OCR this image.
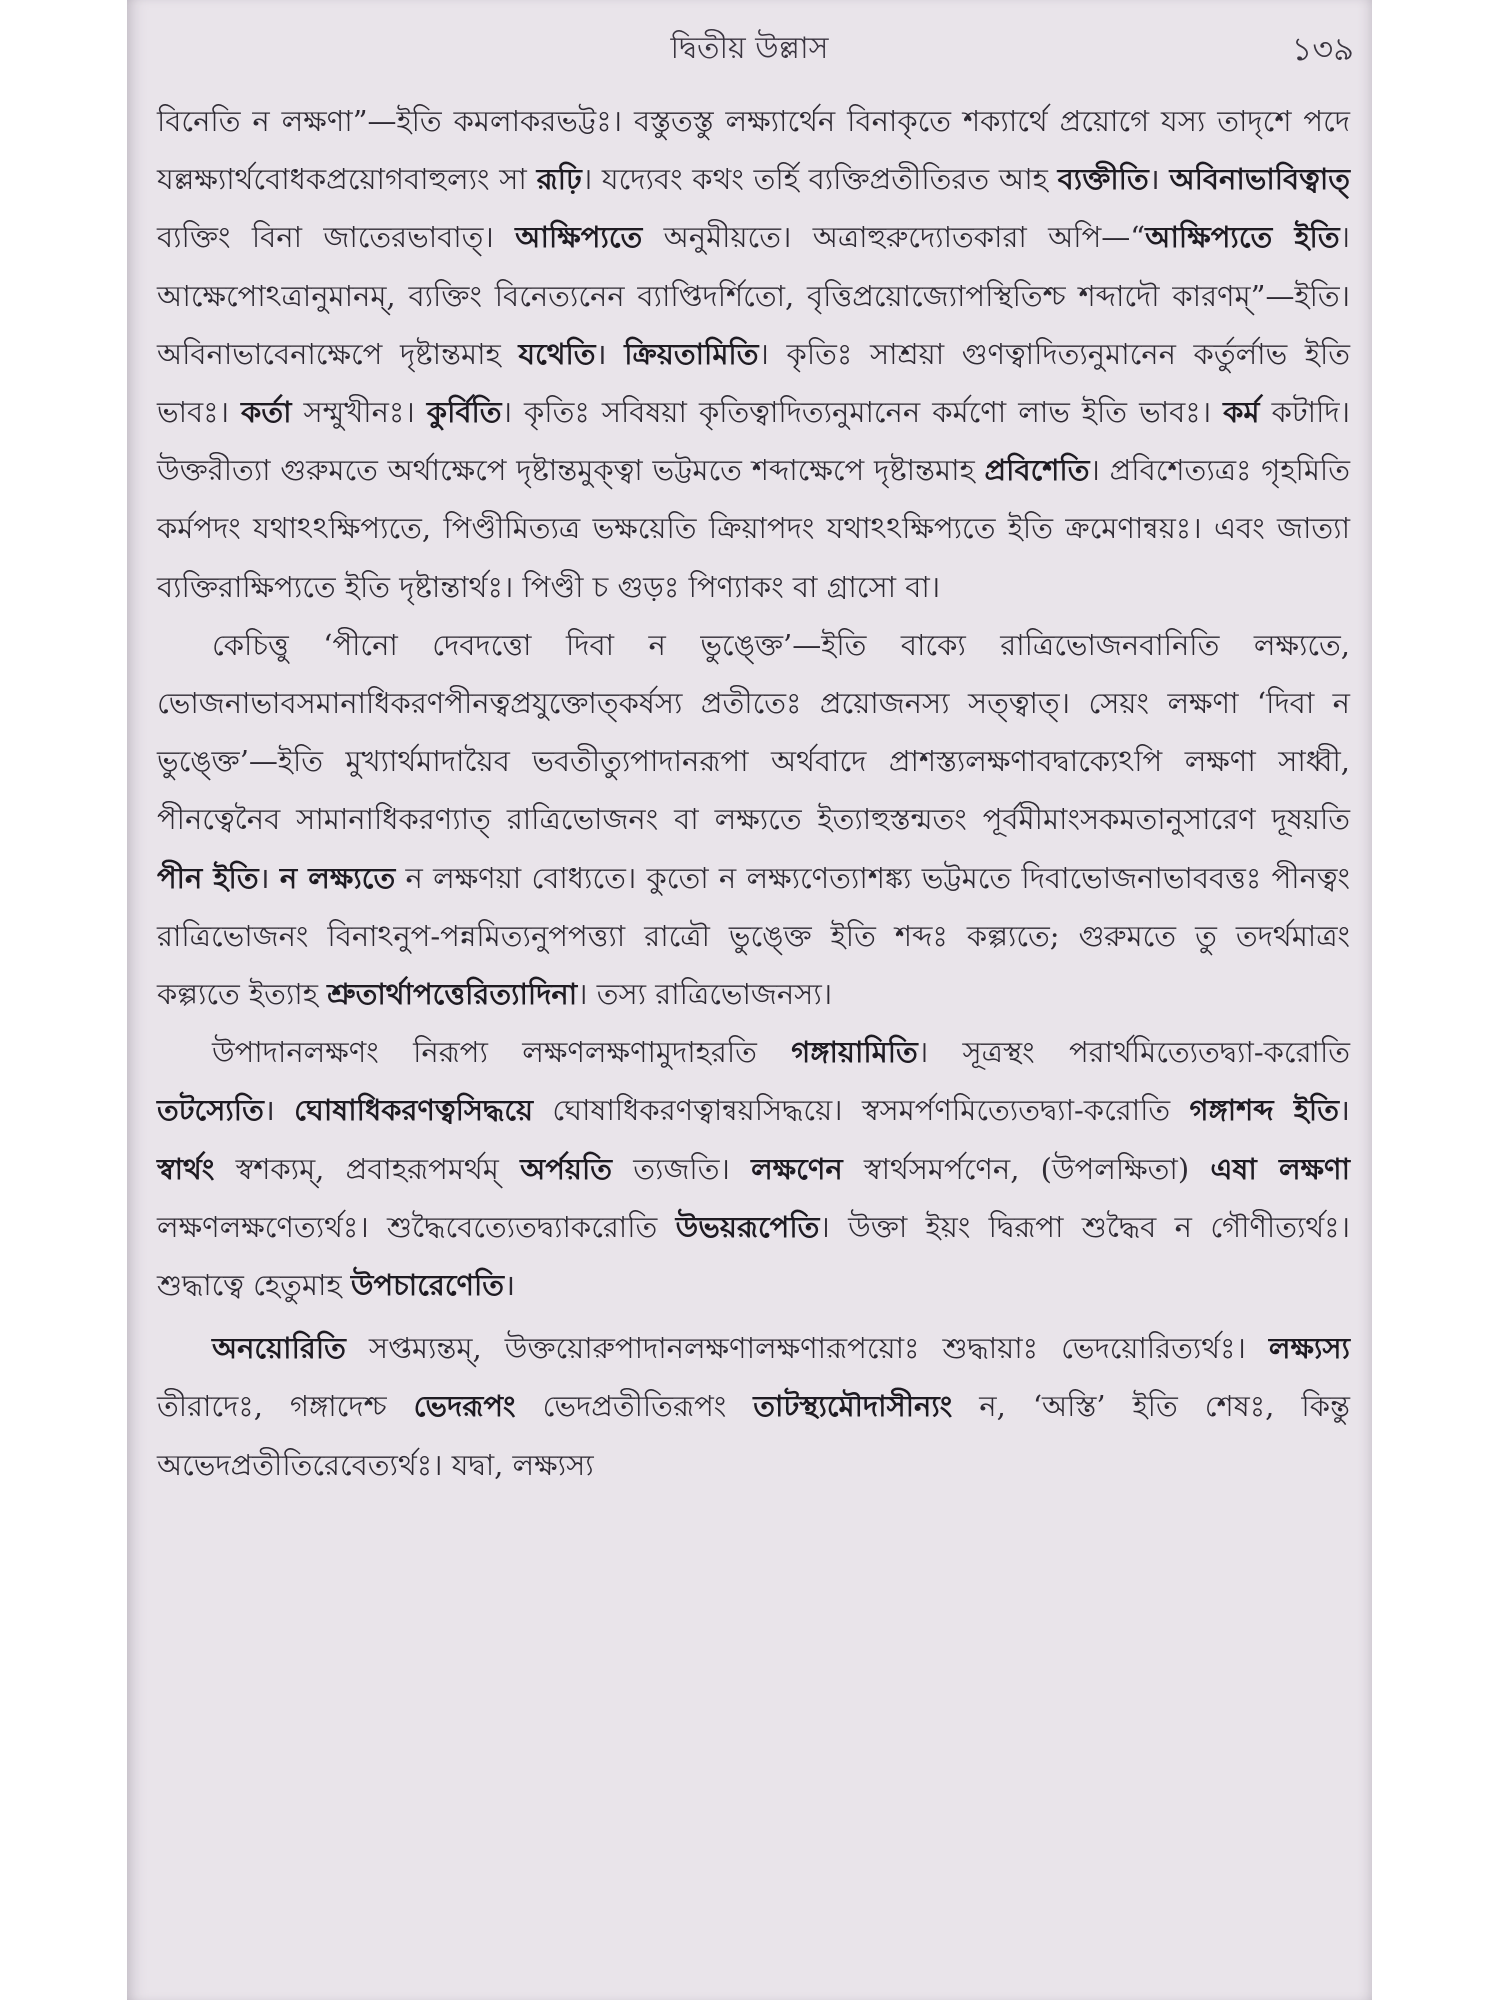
দ্বিতীয় উল্লাস	১৩৯

বিনেতি ন লক্ষণা”—ইতি কমলাকরভট্টঃ। বস্তুতস্তু লক্ষ্যার্থেন বিনাকৃতে শক্যার্থে প্রয়োগে যস্য তাদৃশে পদে যল্লক্ষ্যার্থবোধকপ্রয়োগবাহুল্যং সা রূঢ়ি। যদ্যেবং কথং তর্হি ব্যক্তিপ্রতীতিরত আহ ব্যক্তীতি। অবিনাভাবিত্বাত্ ব্যক্তিং বিনা জাতেরভাবাত্। আক্ষিপ্যতে অনুমীয়তে। অত্রাহুরুদ্যোতকারা অপি—“আক্ষিপ্যতে ইতি। আক্ষেপোঽত্রানুমানম্, ব্যক্তিং বিনেত্যনেন ব্যাপ্তিদর্শিতো, বৃত্তিপ্রয়োজ্যোপস্থিতিশ্চ শব্দাদৌ কারণম্”—ইতি। অবিনাভাবেনাক্ষেপে দৃষ্টান্তমাহ যথেতি। ক্রিয়তামিতি। কৃতিঃ সাশ্রয়া গুণত্বাদিত্যনুমানেন কর্তুর্লাভ ইতি ভাবঃ। কর্তা সম্মুখীনঃ। কুর্বিতি। কৃতিঃ সবিষয়া কৃতিত্বাদিত্যনুমানেন কর্মণো লাভ ইতি ভাবঃ। কর্ম কটাদি। উক্তরীত্যা গুরুমতে অর্থাক্ষেপে দৃষ্টান্তমুক্ত্বা ভট্টমতে শব্দাক্ষেপে দৃষ্টান্তমাহ প্রবিশেতি। প্রবিশেত্যত্রঃ গৃহমিতি কর্মপদং যথাঽঽক্ষিপ্যতে, পিণ্ডীমিত্যত্র ভক্ষয়েতি ক্রিয়াপদং যথাঽঽক্ষিপ্যতে ইতি ক্রমেণান্বয়ঃ। এবং জাত্যা ব্যক্তিরাক্ষিপ্যতে ইতি দৃষ্টান্তার্থঃ। পিণ্ডী চ গুড়ঃ পিণ্যাকং বা গ্রাসো বা।

কেচিত্তু ‘পীনো দেবদত্তো দিবা ন ভুঙ্ক্তে’—ইতি বাক্যে রাত্রিভোজনবানিতি লক্ষ্যতে, ভোজনাভাবসমানাধিকরণপীনত্বপ্রযুক্তোত্কর্ষস্য প্রতীতেঃ প্রয়োজনস্য সত্ত্বাত্। সেয়ং লক্ষণা ‘দিবা ন ভুঙ্ক্তে’—ইতি মুখ্যার্থমাদায়ৈব ভবতীত্যুপাদানরূপা অর্থবাদে প্রাশস্ত্যলক্ষণাবদ্বাক্যেঽপি লক্ষণা সাধ্বী, পীনত্বেনৈব সামানাধিকরণ্যাত্ রাত্রিভোজনং বা লক্ষ্যতে ইত্যাহুস্তন্মতং পূর্বমীমাংসকমতানুসারেণ দূষয়তি পীন ইতি। ন লক্ষ্যতে ন লক্ষণয়া বোধ্যতে। কুতো ন লক্ষ্যণেত্যাশঙ্ক্য ভট্টমতে দিবাভোজনাভাববত্তঃ পীনত্বং রাত্রিভোজনং বিনাঽনুপ-পন্নমিত্যনুপপত্ত্যা রাত্রৌ ভুঙ্ক্তে ইতি শব্দঃ কল্প্যতে; গুরুমতে তু তদর্থমাত্রং কল্প্যতে ইত্যাহ শ্রুতার্থাপত্তেরিত্যাদিনা। তস্য রাত্রিভোজনস্য।

উপাদানলক্ষণং নিরূপ্য লক্ষণলক্ষণামুদাহরতি গঙ্গায়ামিতি। সূত্রস্থং পরার্থমিত্যেতদ্ব্যা-করোতি তটস্যেতি। ঘোষাধিকরণত্বসিদ্ধয়ে ঘোষাধিকরণত্বান্বয়সিদ্ধয়ে। স্বসমর্পণমিত্যেতদ্ব্যা-করোতি গঙ্গাশব্দ ইতি। স্বার্থং স্বশক্যম্, প্রবাহরূপমর্থম্ অর্পয়তি ত্যজতি। লক্ষণেন স্বার্থসমর্পণেন, (উপলক্ষিতা) এষা লক্ষণা লক্ষণলক্ষণেত্যর্থঃ। শুদ্ধৈবেত্যেতদ্ব্যাকরোতি উভয়রূপেতি। উক্তা ইয়ং দ্বিরূপা শুদ্ধৈব ন গৌণীত্যর্থঃ। শুদ্ধাত্বে হেতুমাহ উপচারেণেতি।

অনয়োরিতি সপ্তম্যন্তম্, উক্তয়োরুপাদানলক্ষণালক্ষণারূপয়োঃ শুদ্ধায়াঃ ভেদয়োরিত্যর্থঃ। লক্ষ্যস্য তীরাদেঃ, গঙ্গাদেশ্চ ভেদরূপং ভেদপ্রতীতিরূপং তাটস্থ্যমৌদাসীন্যং ন, ‘অস্তি’ ইতি শেষঃ, কিন্তু অভেদপ্রতীতিরেবেত্যর্থঃ। যদ্বা, লক্ষ্যস্য
